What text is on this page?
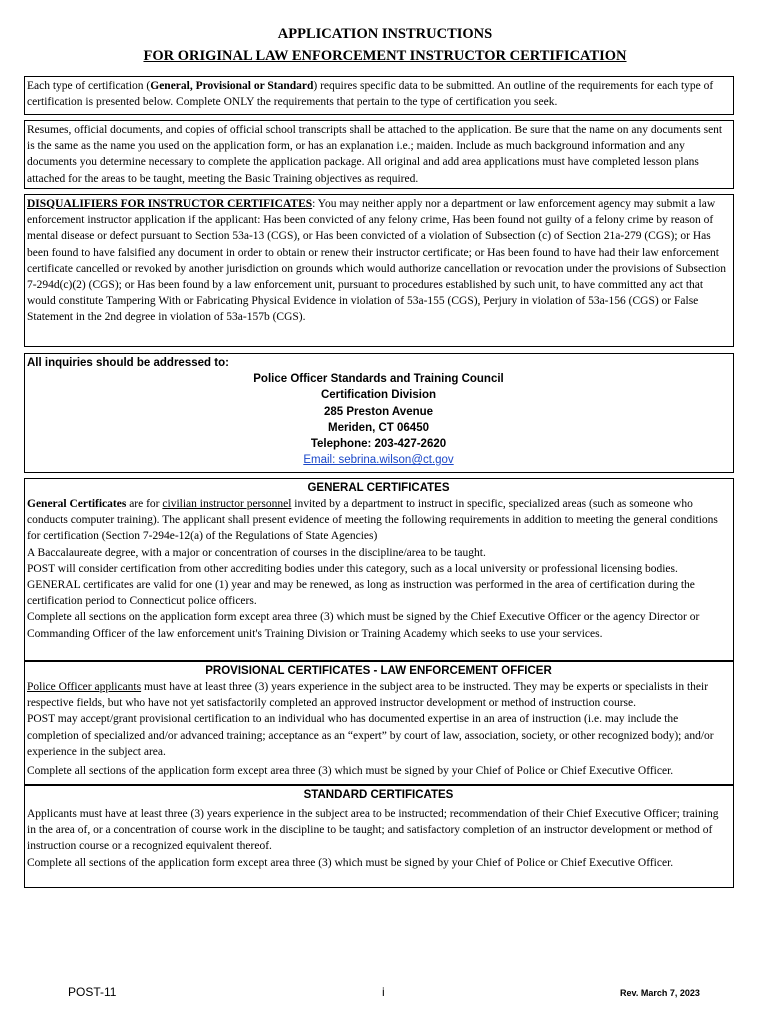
APPLICATION INSTRUCTIONS
FOR ORIGINAL LAW ENFORCEMENT INSTRUCTOR CERTIFICATION

Each type of certification (General, Provisional or Standard) requires specific data to be submitted. An outline of the requirements for each type of certification is presented below. Complete ONLY the requirements that pertain to the type of certification you seek.

Resumes, official documents, and copies of official school transcripts shall be attached to the application. Be sure that the name on any documents sent is the same as the name you used on the application form, or has an explanation i.e.; maiden. Include as much background information and any documents you determine necessary to complete the application package. All original and add area applications must have completed lesson plans attached for the areas to be taught, meeting the Basic Training objectives as required.

DISQUALIFIERS FOR INSTRUCTOR CERTIFICATES: You may neither apply nor a department or law enforcement agency may submit a law enforcement instructor application if the applicant: Has been convicted of any felony crime, Has been found not guilty of a felony crime by reason of mental disease or defect pursuant to Section 53a-13 (CGS), or Has been convicted of a violation of Subsection (c) of Section 21a-279 (CGS); or Has been found to have falsified any document in order to obtain or renew their instructor certificate; or Has been found to have had their law enforcement certificate cancelled or revoked by another jurisdiction on grounds which would authorize cancellation or revocation under the provisions of Subsection 7-294d(c)(2) (CGS); or Has been found by a law enforcement unit, pursuant to procedures established by such unit, to have committed any act that would constitute Tampering With or Fabricating Physical Evidence in violation of 53a-155 (CGS), Perjury in violation of 53a-156 (CGS) or False Statement in the 2nd degree in violation of 53a-157b (CGS).

All inquiries should be addressed to:
Police Officer Standards and Training Council
Certification Division
285 Preston Avenue
Meriden, CT 06450
Telephone: 203-427-2620
Email: sebrina.wilson@ct.gov
GENERAL CERTIFICATES

General Certificates are for civilian instructor personnel invited by a department to instruct in specific, specialized areas (such as someone who conducts computer training). The applicant shall present evidence of meeting the following requirements in addition to meeting the general conditions for certification (Section 7-294e-12(a) of the Regulations of State Agencies)

A Baccalaureate degree, with a major or concentration of courses in the discipline/area to be taught.

POST will consider certification from other accrediting bodies under this category, such as a local university or professional licensing bodies. GENERAL certificates are valid for one (1) year and may be renewed, as long as instruction was performed in the area of certification during the certification period to Connecticut police officers.

Complete all sections on the application form except area three (3) which must be signed by the Chief Executive Officer or the agency Director or Commanding Officer of the law enforcement unit's Training Division or Training Academy which seeks to use your services.

PROVISIONAL CERTIFICATES - LAW ENFORCEMENT OFFICER

Police Officer applicants must have at least three (3) years experience in the subject area to be instructed. They may be experts or specialists in their respective fields, but who have not yet satisfactorily completed an approved instructor development or method of instruction course.

POST may accept/grant provisional certification to an individual who has documented expertise in an area of instruction (i.e. may include the completion of specialized and/or advanced training; acceptance as an “expert” by court of law, association, society, or other recognized body); and/or experience in the subject area.

Complete all sections of the application form except area three (3) which must be signed by your Chief of Police or Chief Executive Officer.

STANDARD CERTIFICATES

Applicants must have at least three (3) years experience in the subject area to be instructed; recommendation of their Chief Executive Officer; training in the area of, or a concentration of course work in the discipline to be taught; and satisfactory completion of an instructor development or method of instruction course or a recognized equivalent thereof.

Complete all sections of the application form except area three (3) which must be signed by your Chief of Police or Chief Executive Officer.

POST-11	i	Rev. March 7, 2023
